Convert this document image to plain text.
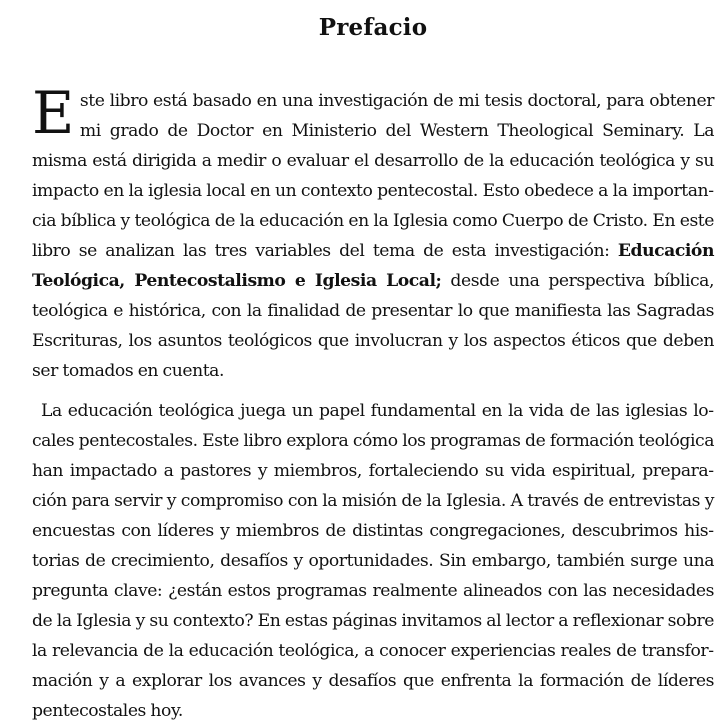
Prefacio

Este libro está basado en una investigación de mi tesis doctoral, para obtener mi grado de Doctor en Ministerio del Western Theological Seminary. La misma está dirigida a medir o evaluar el desarrollo de la educación teológica y su impacto en la iglesia local en un contexto pentecostal. Esto obedece a la importancia bíblica y teológica de la educación en la Iglesia como Cuerpo de Cristo. En este libro se analizan las tres variables del tema de esta investigación: Educación Teológica, Pentecostalismo e Iglesia Local; desde una perspectiva bíblica, teológica e histórica, con la finalidad de presentar lo que manifiesta las Sagradas Escrituras, los asuntos teológicos que involucran y los aspectos éticos que deben ser tomados en cuenta.

La educación teológica juega un papel fundamental en la vida de las iglesias locales pentecostales. Este libro explora cómo los programas de formación teológica han impactado a pastores y miembros, fortaleciendo su vida espiritual, preparación para servir y compromiso con la misión de la Iglesia. A través de entrevistas y encuestas con líderes y miembros de distintas congregaciones, descubrimos historias de crecimiento, desafíos y oportunidades. Sin embargo, también surge una pregunta clave: ¿están estos programas realmente alineados con las necesidades de la Iglesia y su contexto? En estas páginas invitamos al lector a reflexionar sobre la relevancia de la educación teológica, a conocer experiencias reales de transformación y a explorar los avances y desafíos que enfrenta la formación de líderes pentecostales hoy.
